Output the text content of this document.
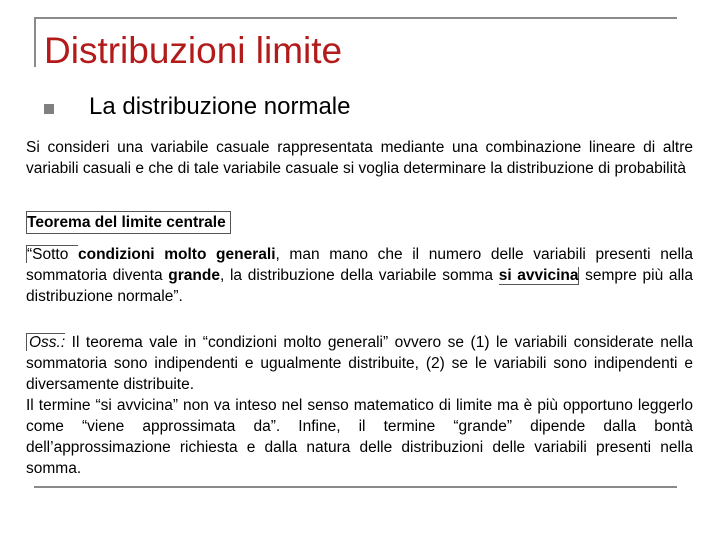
Distribuzioni limite
La distribuzione normale
Si consideri una variabile casuale rappresentata mediante una combinazione lineare di altre variabili casuali e che di tale variabile casuale si voglia determinare la distribuzione di probabilità
Teorema del limite centrale
“Sotto condizioni molto generali, man mano che il numero delle variabili presenti nella sommatoria diventa grande, la distribuzione della variabile somma si avvicina sempre più alla distribuzione normale”.
Oss.: Il teorema vale in “condizioni molto generali” ovvero se (1) le variabili considerate nella sommatoria sono indipendenti e ugualmente distribuite, (2) se le variabili sono indipendenti e diversamente distribuite.
Il termine “si avvicina” non va inteso nel senso matematico di limite ma è più opportuno leggerlo come “viene approssimata da”. Infine, il termine “grande” dipende dalla bontà dell’approssimazione richiesta e dalla natura delle distribuzioni delle variabili presenti nella somma.
